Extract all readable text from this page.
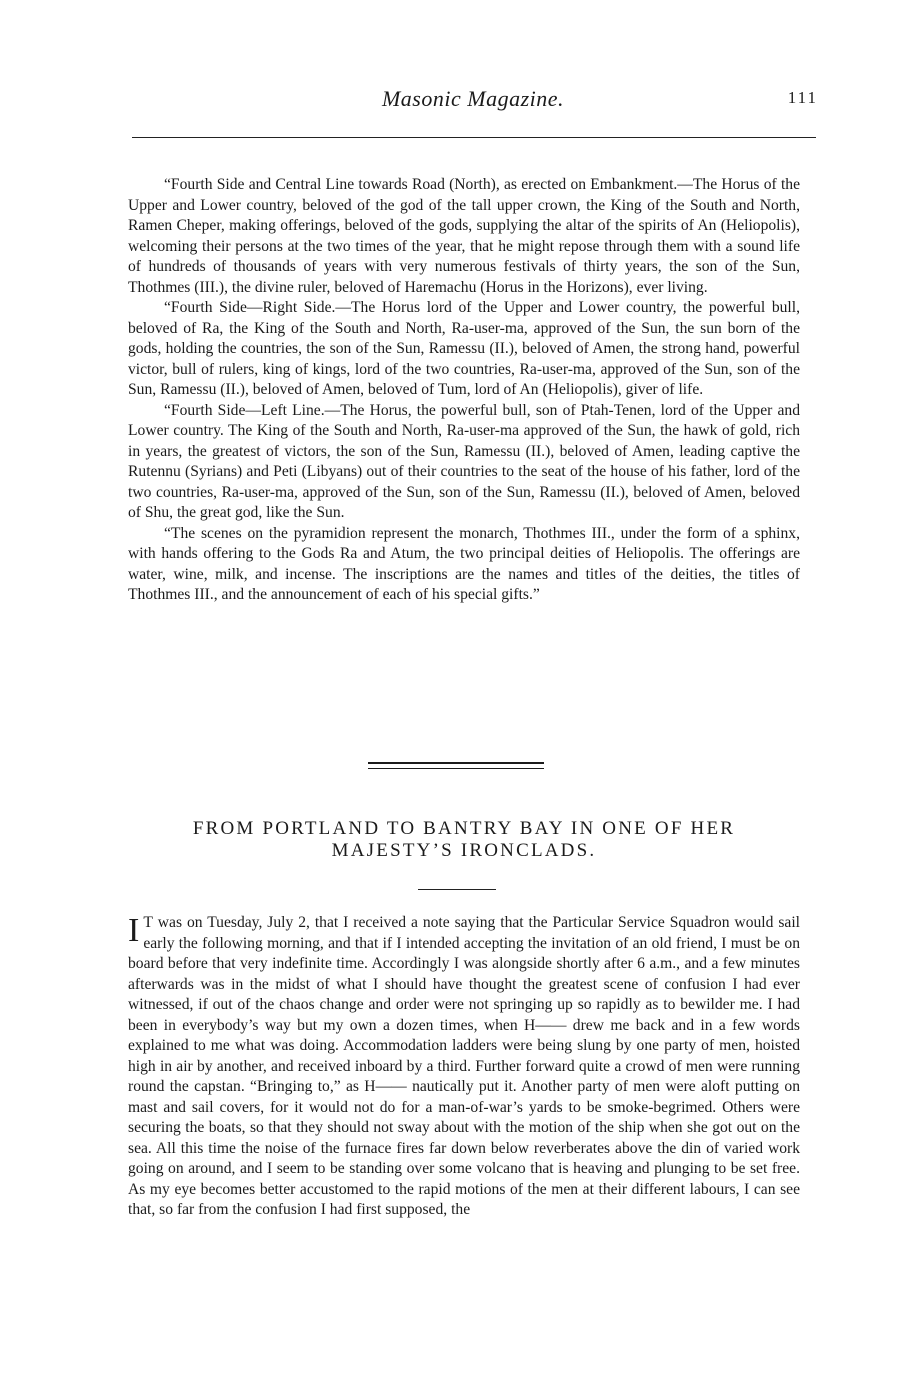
Masonic Magazine.	111

“Fourth Side and Central Line towards Road (North), as erected on Embankment.—The Horus of the Upper and Lower country, beloved of the god of the tall upper crown, the King of the South and North, Ramen Cheper, making offerings, beloved of the gods, supplying the altar of the spirits of An (Heliopolis), welcoming their persons at the two times of the year, that he might repose through them with a sound life of hundreds of thousands of years with very numerous festivals of thirty years, the son of the Sun, Thothmes (III.), the divine ruler, beloved of Haremachu (Horus in the Horizons), ever living.

“Fourth Side—Right Side.—The Horus lord of the Upper and Lower country, the powerful bull, beloved of Ra, the King of the South and North, Ra-user-ma, approved of the Sun, the sun born of the gods, holding the countries, the son of the Sun, Ramessu (II.), beloved of Amen, the strong hand, powerful victor, bull of rulers, king of kings, lord of the two countries, Ra-user-ma, approved of the Sun, son of the Sun, Ramessu (II.), beloved of Amen, beloved of Tum, lord of An (Heliopolis), giver of life.

“Fourth Side—Left Line.—The Horus, the powerful bull, son of Ptah-Tenen, lord of the Upper and Lower country. The King of the South and North, Ra-user-ma approved of the Sun, the hawk of gold, rich in years, the greatest of victors, the son of the Sun, Ramessu (II.), beloved of Amen, leading captive the Rutennu (Syrians) and Peti (Libyans) out of their countries to the seat of the house of his father, lord of the two countries, Ra-user-ma, approved of the Sun, son of the Sun, Ramessu (II.), beloved of Amen, beloved of Shu, the great god, like the Sun.

“The scenes on the pyramidion represent the monarch, Thothmes III., under the form of a sphinx, with hands offering to the Gods Ra and Atum, the two principal deities of Heliopolis. The offerings are water, wine, milk, and incense. The inscriptions are the names and titles of the deities, the titles of Thothmes III., and the announcement of each of his special gifts.”

FROM PORTLAND TO BANTRY BAY IN ONE OF HER
MAJESTY’S IRONCLADS.

I T was on Tuesday, July 2, that I received a note saying that the Particular Service Squadron would sail early the following morning, and that if I intended accepting the invitation of an old friend, I must be on board before that very indefinite time. Accordingly I was alongside shortly after 6 a.m., and a few minutes afterwards was in the midst of what I should have thought the greatest scene of confusion I had ever witnessed, if out of the chaos change and order were not springing up so rapidly as to bewilder me. I had been in everybody’s way but my own a dozen times, when H—— drew me back and in a few words explained to me what was doing. Accommodation ladders were being slung by one party of men, hoisted high in air by another, and received inboard by a third. Further forward quite a crowd of men were running round the capstan. “Bringing to,” as H—— nautically put it. Another party of men were aloft putting on mast and sail covers, for it would not do for a man-of-war’s yards to be smoke-begrimed. Others were securing the boats, so that they should not sway about with the motion of the ship when she got out on the sea. All this time the noise of the furnace fires far down below reverberates above the din of varied work going on around, and I seem to be standing over some volcano that is heaving and plunging to be set free. As my eye becomes better accustomed to the rapid motions of the men at their different labours, I can see that, so far from the confusion I had first supposed, the
